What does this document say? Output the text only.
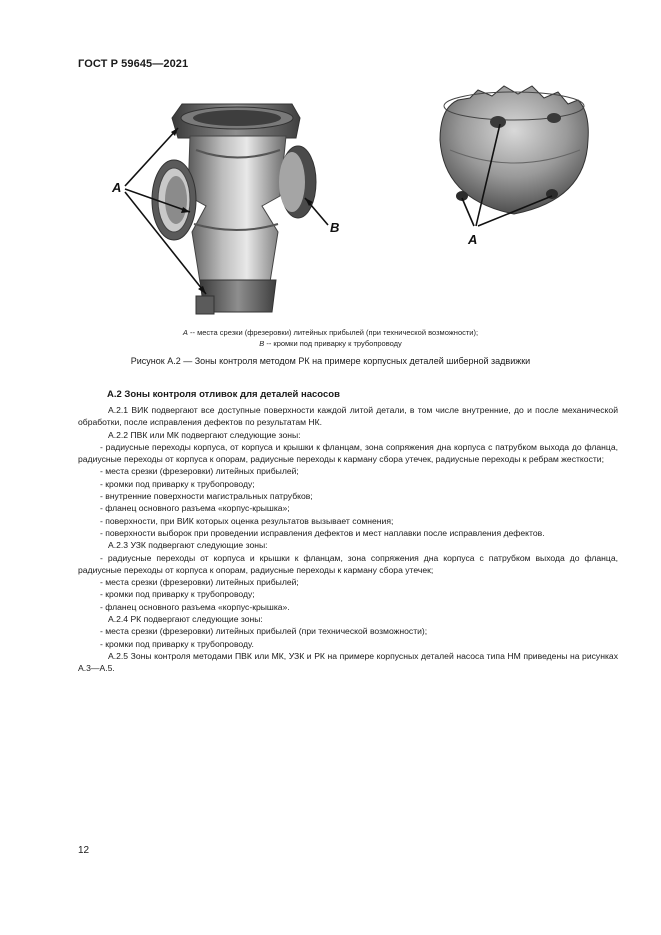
ГОСТ Р 59645—2021
А
В
А
А -- места срезки (фрезеровки) литейных прибылей (при технической возможности);
В -- кромки под приварку к трубопроводу
Рисунок А.2 — Зоны контроля методом РК на примере корпусных деталей шиберной задвижки
А.2 Зоны контроля отливок для деталей насосов

А.2.1 ВИК подвергают все доступные поверхности каждой литой детали, в том числе внутренние, до и после механической обработки, после исправления дефектов по результатам НК.

А.2.2 ПВК или МК подвергают следующие зоны:

- радиусные переходы корпуса, от корпуса и крышки к фланцам, зона сопряжения дна корпуса с патрубком выхода до фланца, радиусные переходы от корпуса к опорам, радиусные переходы к карману сбора утечек, радиусные переходы к ребрам жесткости;

- места срезки (фрезеровки) литейных прибылей;

- кромки под приварку к трубопроводу;

- внутренние поверхности магистральных патрубков;

- фланец основного разъема «корпус-крышка»;

- поверхности, при ВИК которых оценка результатов вызывает сомнения;

- поверхности выборок при проведении исправления дефектов и мест наплавки после исправления дефектов.

А.2.3 УЗК подвергают следующие зоны:

- радиусные переходы от корпуса и крышки к фланцам, зона сопряжения дна корпуса с патрубком выхода до фланца, радиусные переходы от корпуса к опорам, радиусные переходы к карману сбора утечек;

- места срезки (фрезеровки) литейных прибылей;

- кромки под приварку к трубопроводу;

- фланец основного разъема «корпус-крышка».

А.2.4 РК подвергают следующие зоны:

- места срезки (фрезеровки) литейных прибылей (при технической возможности);

- кромки под приварку к трубопроводу.

А.2.5 Зоны контроля методами ПВК или МК, УЗК и РК на примере корпусных деталей насоса типа НМ приведены на рисунках А.3—А.5.

12
